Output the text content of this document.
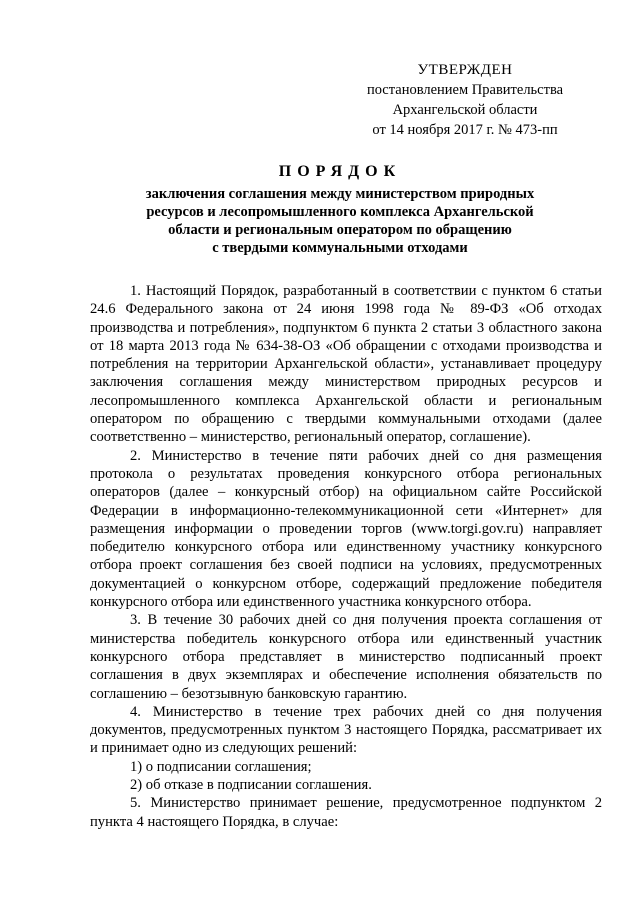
УТВЕРЖДЕН
постановлением Правительства
Архангельской области
от 14 ноября 2017 г. № 473-пп
ПОРЯДОК
заключения соглашения между министерством природных
ресурсов и лесопромышленного комплекса Архангельской
области и региональным оператором по обращению
с твердыми коммунальными отходами

1. Настоящий Порядок, разработанный в соответствии с пунктом 6 статьи 24.6 Федерального закона от 24 июня 1998 года № 89-ФЗ «Об отходах производства и потребления», подпунктом 6 пункта 2 статьи 3 областного закона от 18 марта 2013 года № 634-38-ОЗ «Об обращении с отходами производства и потребления на территории Архангельской области», устанавливает процедуру заключения соглашения между министерством природных ресурсов и лесопромышленного комплекса Архангельской области и региональным оператором по обращению с твердыми коммунальными отходами (далее соответственно – министерство, региональный оператор, соглашение).

2. Министерство в течение пяти рабочих дней со дня размещения протокола о результатах проведения конкурсного отбора региональных операторов (далее – конкурсный отбор) на официальном сайте Российской Федерации в информационно-телекоммуникационной сети «Интернет» для размещения информации о проведении торгов (www.torgi.gov.ru) направляет победителю конкурсного отбора или единственному участнику конкурсного отбора проект соглашения без своей подписи на условиях, предусмотренных документацией о конкурсном отборе, содержащий предложение победителя конкурсного отбора или единственного участника конкурсного отбора.

3. В течение 30 рабочих дней со дня получения проекта соглашения от министерства победитель конкурсного отбора или единственный участник конкурсного отбора представляет в министерство подписанный проект соглашения в двух экземплярах и обеспечение исполнения обязательств по соглашению – безотзывную банковскую гарантию.

4. Министерство в течение трех рабочих дней со дня получения документов, предусмотренных пунктом 3 настоящего Порядка, рассматривает их и принимает одно из следующих решений:

1) о подписании соглашения;

2) об отказе в подписании соглашения.

5. Министерство принимает решение, предусмотренное подпунктом 2 пункта 4 настоящего Порядка, в случае:
